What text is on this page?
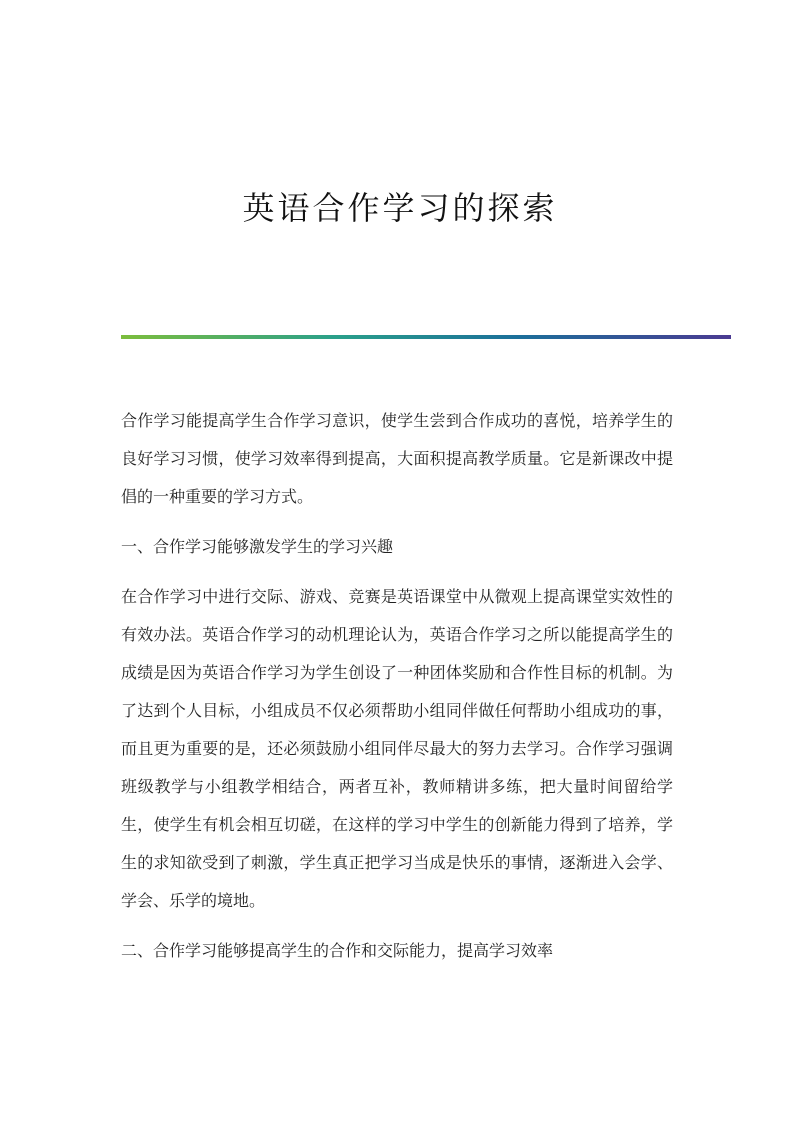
英语合作学习的探索

合作学习能提高学生合作学习意识，使学生尝到合作成功的喜悦，培养学生的良好学习习惯，使学习效率得到提高，大面积提高教学质量。它是新课改中提倡的一种重要的学习方式。

一、合作学习能够激发学生的学习兴趣

在合作学习中进行交际、游戏、竞赛是英语课堂中从微观上提高课堂实效性的有效办法。英语合作学习的动机理论认为，英语合作学习之所以能提高学生的成绩是因为英语合作学习为学生创设了一种团体奖励和合作性目标的机制。为了达到个人目标，小组成员不仅必须帮助小组同伴做任何帮助小组成功的事，而且更为重要的是，还必须鼓励小组同伴尽最大的努力去学习。合作学习强调班级教学与小组教学相结合，两者互补，教师精讲多练，把大量时间留给学生，使学生有机会相互切磋，在这样的学习中学生的创新能力得到了培养，学生的求知欲受到了刺激，学生真正把学习当成是快乐的事情，逐渐进入会学、学会、乐学的境地。

二、合作学习能够提高学生的合作和交际能力，提高学习效率
